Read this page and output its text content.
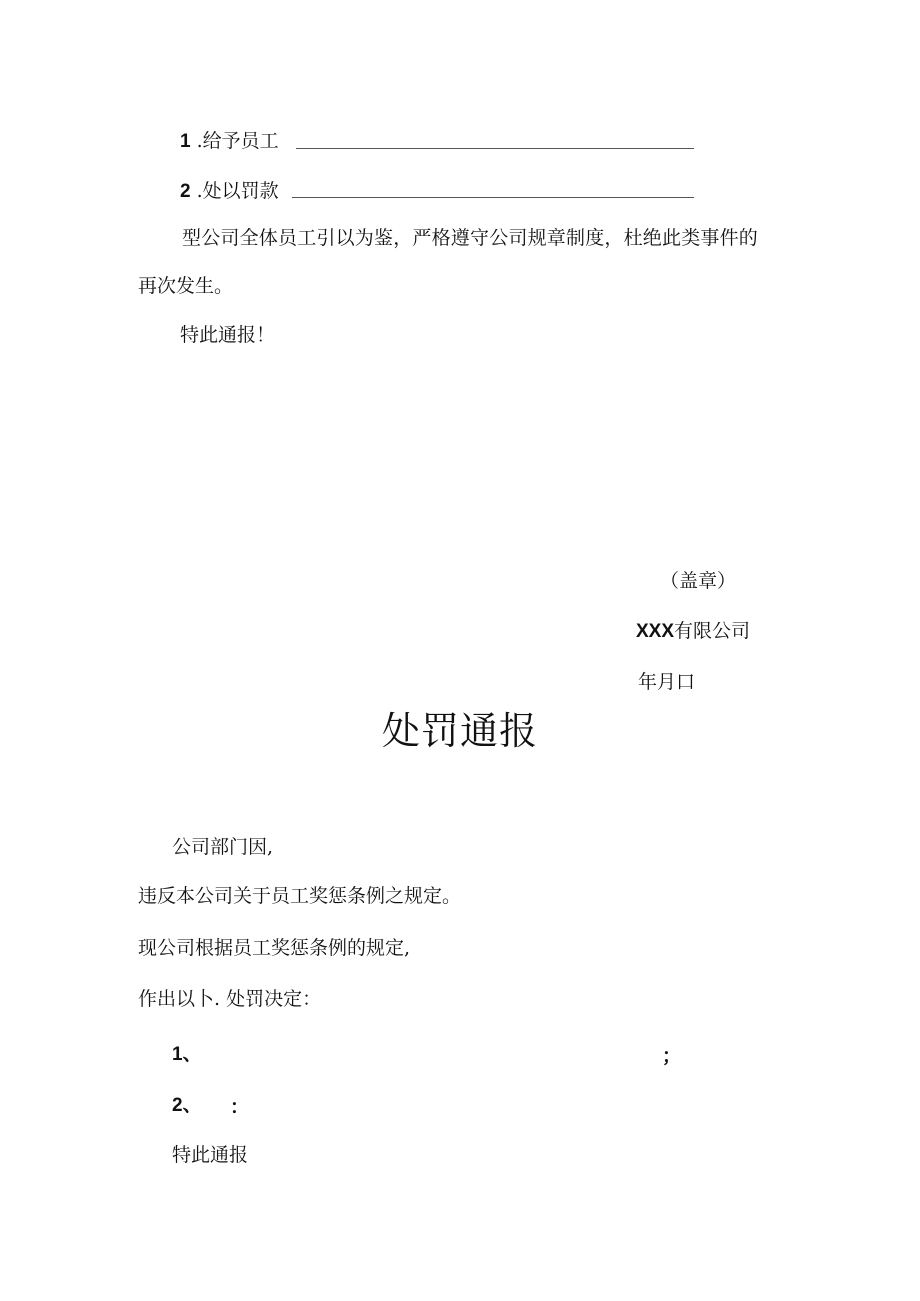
1 .给予员工
2 .处以罚款
型公司全体员工引以为鉴，严格遵守公司规章制度，杜绝此类事件的
再次发生。
特此通报！
（盖章）
XXX有限公司
年月口
处罚通报
公司部门因,
违反本公司关于员工奖惩条例之规定。
现公司根据员工奖惩条例的规定,
作出以卜. 处罚决定：
1、	；
2、 ：
特此通报
